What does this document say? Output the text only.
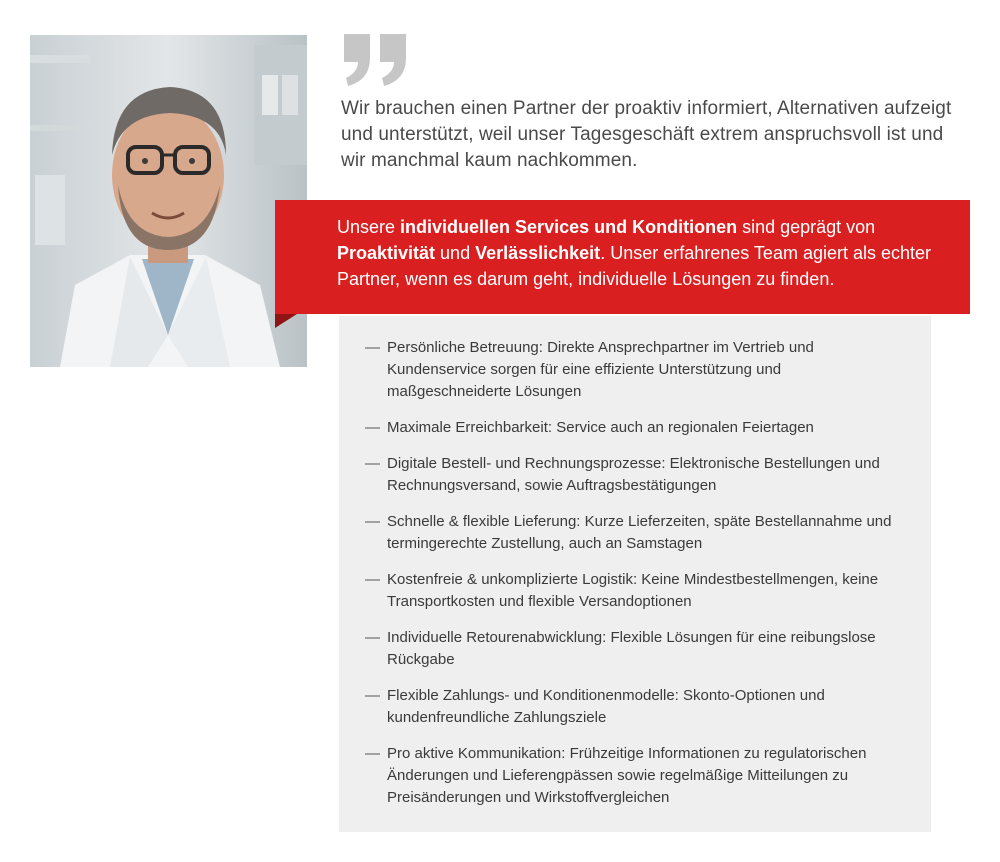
Wir brauchen einen Partner der proaktiv informiert, Alternativen aufzeigt und unterstützt, weil unser Tagesgeschäft extrem anspruchsvoll ist und wir manchmal kaum nachkommen.
Unsere individuellen Services und Konditionen sind geprägt von Proaktivität und Verlässlichkeit. Unser erfahrenes Team agiert als echter Partner, wenn es darum geht, individuelle Lösungen zu finden.
— Persönliche Betreuung: Direkte Ansprechpartner im Vertrieb und Kundenservice sorgen für eine effiziente Unterstützung und maßgeschneiderte Lösungen
— Maximale Erreichbarkeit: Service auch an regionalen Feiertagen
— Digitale Bestell- und Rechnungsprozesse: Elektronische Bestellungen und Rechnungsversand, sowie Auftragsbestätigungen
— Schnelle & flexible Lieferung: Kurze Lieferzeiten, späte Bestellannahme und termingerechte Zustellung, auch an Samstagen
— Kostenfreie & unkomplizierte Logistik: Keine Mindestbestellmengen, keine Transportkosten und flexible Versandoptionen
— Individuelle Retourenabwicklung: Flexible Lösungen für eine reibungslose Rückgabe
— Flexible Zahlungs- und Konditionenmodelle: Skonto-Optionen und kundenfreundliche Zahlungsziele
— Pro aktive Kommunikation: Frühzeitige Informationen zu regulatorischen Änderungen und Lieferengpässen sowie regelmäßige Mitteilungen zu Preisänderungen und Wirkstoffvergleichen
